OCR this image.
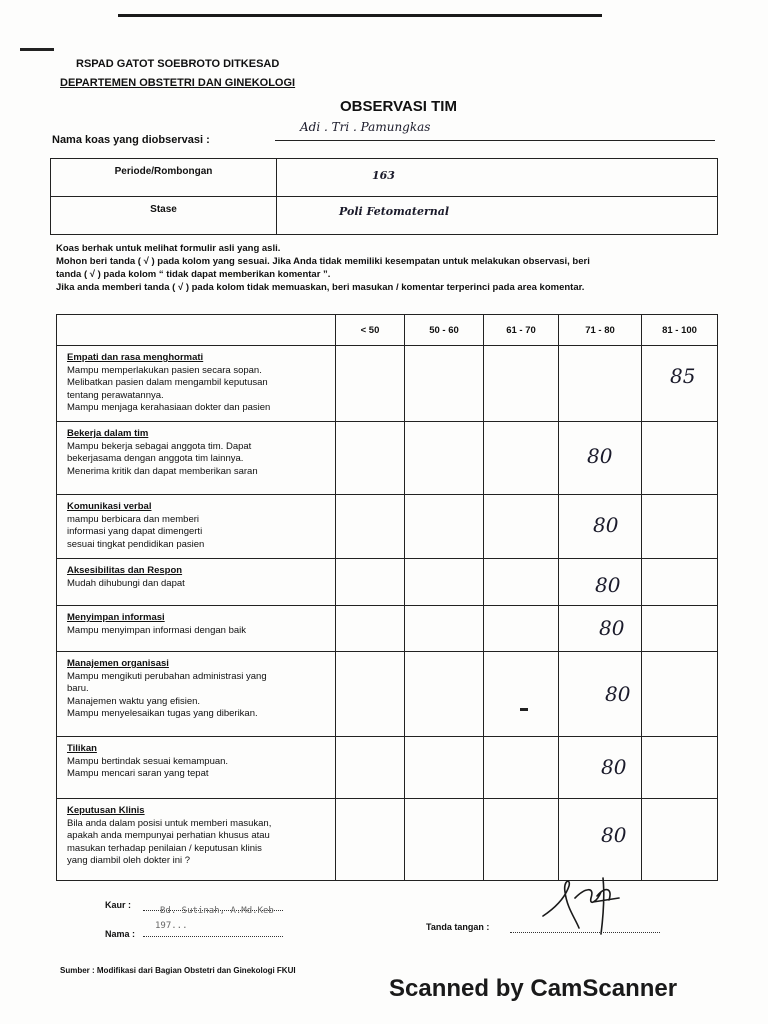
RSPAD GATOT SOEBROTO DITKESAD
DEPARTEMEN OBSTETRI DAN GINEKOLOGI
OBSERVASI TIM
Nama koas yang diobservasi :
Adi . Tri . Pamungkas
Periode/Rombongan	163

Stase	Poli Fetomaternal
Koas berhak untuk melihat formulir asli yang asli.
Mohon beri tanda ( √ ) pada kolom yang sesuai. Jika Anda tidak memiliki kesempatan untuk melakukan observasi, beri
tanda ( √ ) pada kolom “ tidak dapat memberikan komentar ”.
Jika anda memberi tanda ( √ ) pada kolom tidak memuaskan, beri masukan / komentar terperinci pada area komentar.
	< 50	50 - 60	61 - 70	71 - 80	81 - 100

Empati dan rasa menghormati
Mampu memperlakukan pasien secara sopan.
Melibatkan pasien dalam mengambil keputusan
tentang perawatannya.
Mampu menjaga kerahasiaan dokter dan pasien					85

Bekerja dalam tim
Mampu bekerja sebagai anggota tim. Dapat
bekerjasama dengan anggota tim lainnya.
Menerima kritik dan dapat memberikan saran				80	

Komunikasi verbal
mampu berbicara dan memberi
informasi yang dapat dimengerti
sesuai tingkat pendidikan pasien				80	

Aksesibilitas dan Respon
Mudah dihubungi dan dapat				80	

Menyimpan informasi
Mampu menyimpan informasi dengan baik				80	

Manajemen organisasi
Mampu mengikuti perubahan administrasi yang
baru.
Manajemen waktu yang efisien.
Mampu menyelesaikan tugas yang diberikan.				80	

Tilikan
Mampu bertindak sesuai kemampuan.
Mampu mencari saran yang tepat				80	

Keputusan Klinis
Bila anda dalam posisi untuk memberi masukan,
apakah anda mempunyai perhatian khusus atau
masukan terhadap penilaian / keputusan klinis
yang diambil oleh dokter ini ?				80	

Kaur :
Bd. Sutinah, A.Md.Keb
Nama :
197...	Tanda tangan :
Sumber : Modifikasi dari Bagian Obstetri dan Ginekologi FKUI
Scanned by CamScanner
